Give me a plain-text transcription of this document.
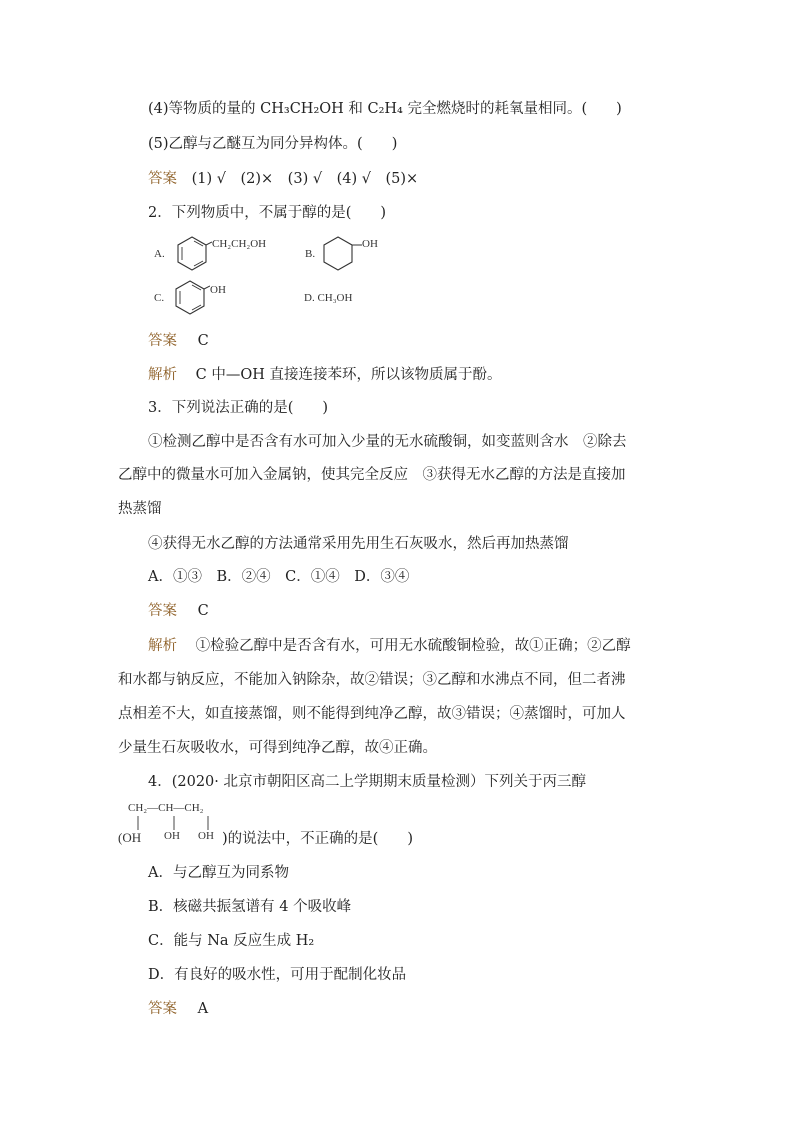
(4)等物质的量的 CH₃CH₂OH 和 C₂H₄ 完全燃烧时的耗氧量相同。(　　)
(5)乙醇与乙醚互为同分异构体。(　　)
答案 (1) √　(2)×　(3) √　(4) √　(5)×
2．下列物质中，不属于醇的是(　　)
A.
CH₂CH₂OH
B.
OH
C.
OH
D. CH₃OH
答案 C
解析 C 中—OH 直接连接苯环，所以该物质属于酚。
3．下列说法正确的是(　　)
①检测乙醇中是否含有水可加入少量的无水硫酸铜，如变蓝则含水　②除去
乙醇中的微量水可加入金属钠，使其完全反应　③获得无水乙醇的方法是直接加
热蒸馏
④获得无水乙醇的方法通常采用先用生石灰吸水，然后再加热蒸馏
A．①③　B．②④　C．①④　D．③④
答案 C
解析 ①检验乙醇中是否含有水，可用无水硫酸铜检验，故①正确；②乙醇
和水都与钠反应，不能加入钠除杂，故②错误；③乙醇和水沸点不同，但二者沸
点相差不大，如直接蒸馏，则不能得到纯净乙醇，故③错误；④蒸馏时，可加人
少量生石灰吸收水，可得到纯净乙醇，故④正确。
4．(2020· 北京市朝阳区高二上学期期末质量检测）下列关于丙三醇
CH₂—CH—CH₂
(OH OH OH )的说法中，不正确的是(　　)
A．与乙醇互为同系物
B．核磁共振氢谱有 4 个吸收峰
C．能与 Na 反应生成 H₂
D．有良好的吸水性，可用于配制化妆品
答案 A
